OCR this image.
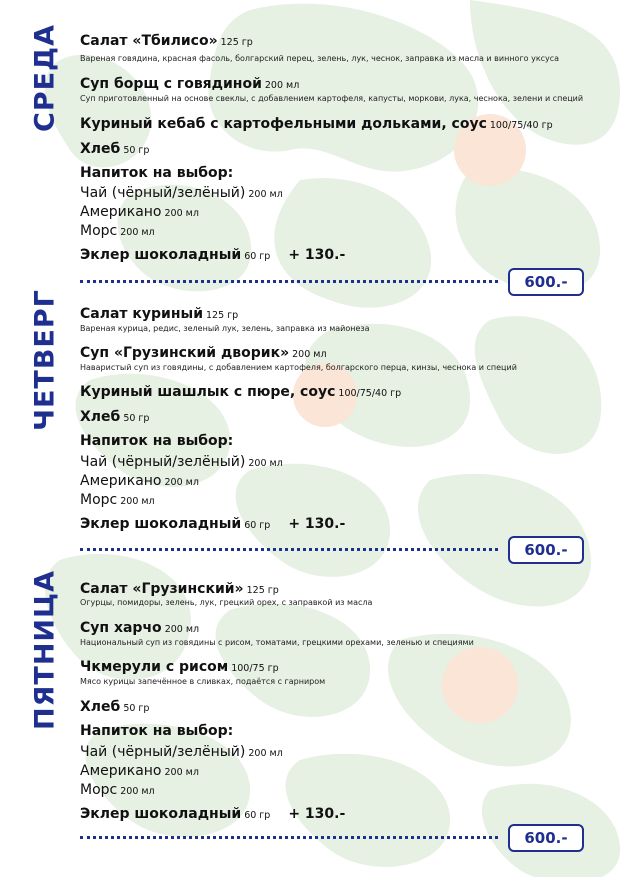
СРЕДА Салат «Тбилисо» 125 гр
Вареная говядина, красная фасоль, болгарский перец, зелень, лук, чеснок, заправка из масла и винного уксуса
Суп борщ с говядиной 200 мл
Суп приготовленный на основе свеклы, с добавлением картофеля, капусты, моркови, лука, чеснока, зелени и специй
Куриный кебаб с картофельными дольками, соус 100/75/40 гр
Хлеб 50 гр
Напиток на выбор:
Чай (чёрный/зелёный) 200 мл
Американо 200 мл
Морс 200 мл
Эклер шоколадный 60 гр + 130.-
600.-
ЧЕТВЕРГ Салат куриный 125 гр
Вареная курица, редис, зеленый лук, зелень, заправка из майонеза
Суп «Грузинский дворик» 200 мл
Наваристый суп из говядины, с добавлением картофеля, болгарского перца, кинзы, чеснока и специй
Куриный шашлык с пюре, соус 100/75/40 гр
Хлеб 50 гр
Напиток на выбор:
Чай (чёрный/зелёный) 200 мл
Американо 200 мл
Морс 200 мл
Эклер шоколадный 60 гр + 130.-
600.-
ПЯТНИЦА Салат «Грузинский» 125 гр
Огурцы, помидоры, зелень, лук, грецкий орех, с заправкой из масла
Суп харчо 200 мл
Национальный суп из говядины с рисом, томатами, грецкими орехами, зеленью и специями
Чкмерули с рисом 100/75 гр
Мясо курицы запечённое в сливках, подаётся с гарниром
Хлеб 50 гр
Напиток на выбор:
Чай (чёрный/зелёный) 200 мл
Американо 200 мл
Морс 200 мл
Эклер шоколадный 60 гр + 130.-
600.-
